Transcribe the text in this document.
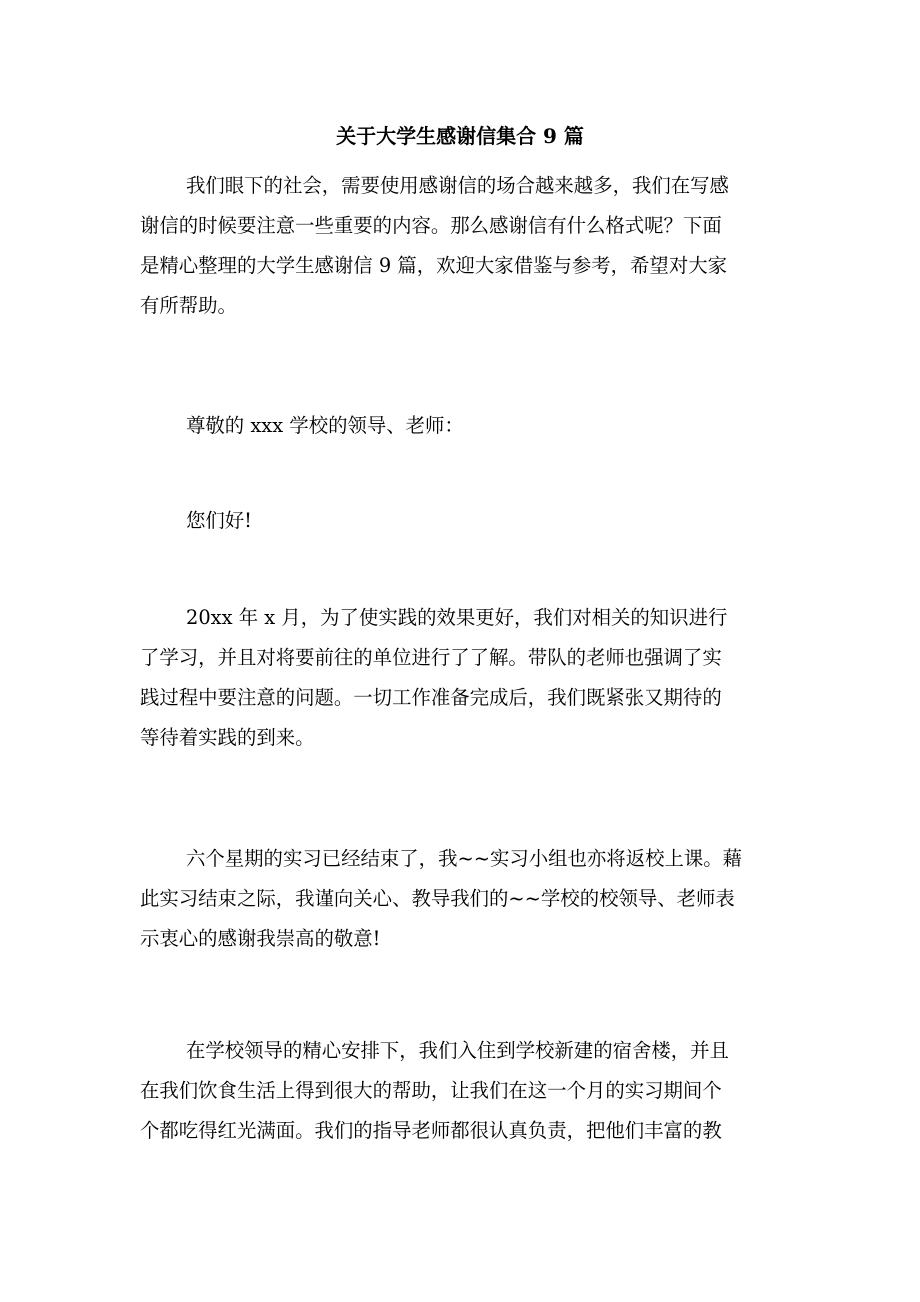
关于大学生感谢信集合 9 篇
我们眼下的社会，需要使用感谢信的场合越来越多，我们在写感
谢信的时候要注意一些重要的内容。那么感谢信有什么格式呢？下面
是精心整理的大学生感谢信 9 篇，欢迎大家借鉴与参考，希望对大家
有所帮助。
尊敬的 xxx 学校的领导、老师：
您们好!
20xx 年 x 月，为了使实践的效果更好，我们对相关的知识进行
了学习，并且对将要前往的单位进行了了解。带队的老师也强调了实
践过程中要注意的问题。一切工作准备完成后，我们既紧张又期待的
等待着实践的到来。
六个星期的实习已经结束了，我~~实习小组也亦将返校上课。藉
此实习结束之际，我谨向关心、教导我们的~~学校的校领导、老师表
示衷心的感谢我崇高的敬意!
在学校领导的精心安排下，我们入住到学校新建的宿舍楼，并且
在我们饮食生活上得到很大的帮助，让我们在这一个月的实习期间个
个都吃得红光满面。我们的指导老师都很认真负责，把他们丰富的教
